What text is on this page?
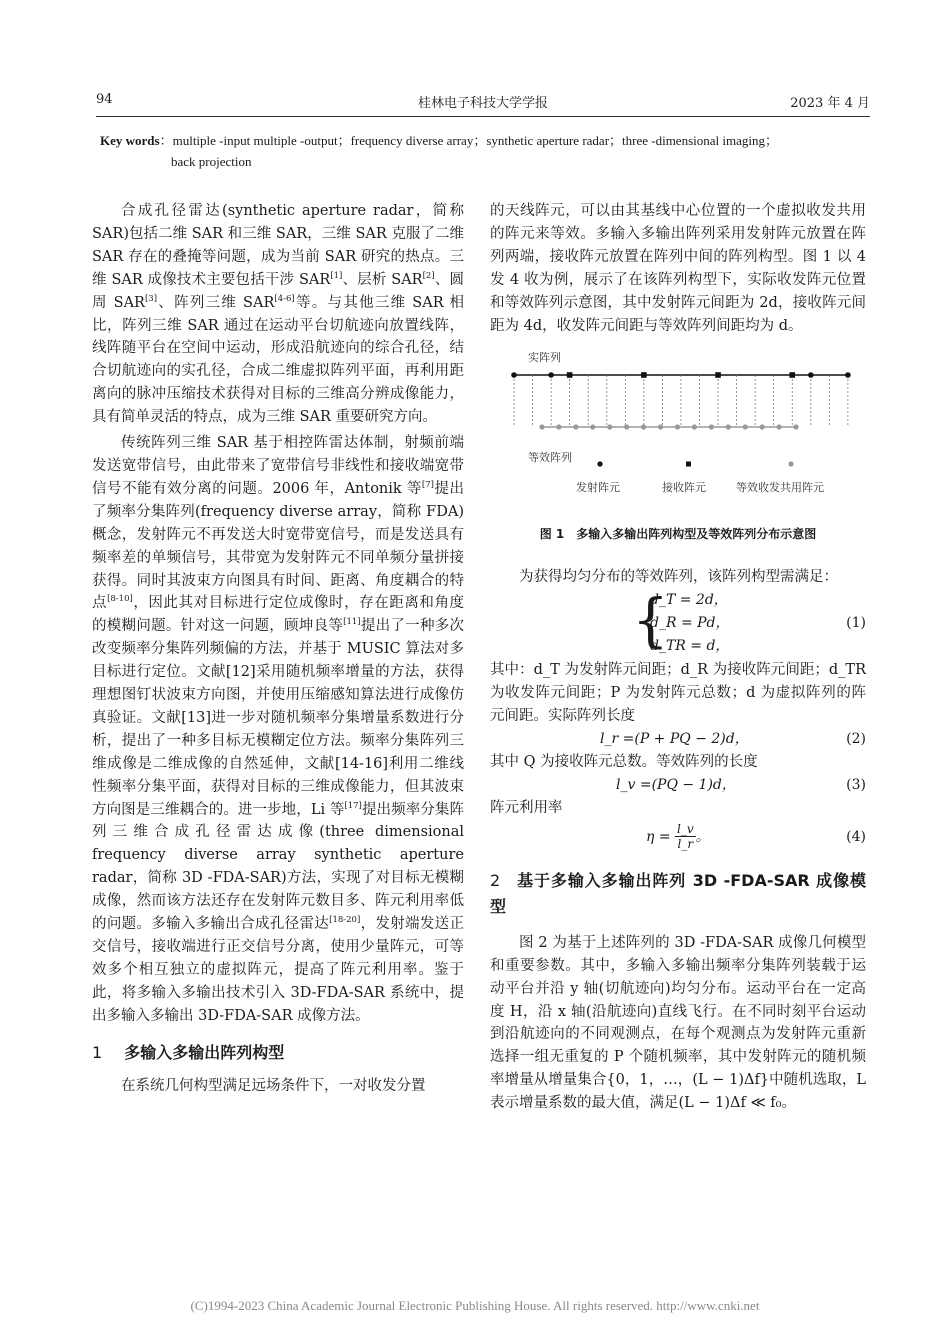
94	桂林电子科技大学学报	2023 年 4 月
Key words：multiple -input multiple -output；frequency diverse array；synthetic aperture radar；three -dimensional imaging；
back projection

合成孔径雷达(synthetic aperture radar，简称SAR)包括二维 SAR 和三维 SAR，三维 SAR 克服了二维 SAR 存在的叠掩等问题，成为当前 SAR 研究的热点。三维 SAR 成像技术主要包括干涉 SAR[1]、层析 SAR[2]、圆周 SAR[3]、阵列三维 SAR[4-6]等。与其他三维 SAR 相比，阵列三维 SAR 通过在运动平台切航迹向放置线阵，线阵随平台在空间中运动，形成沿航迹向的综合孔径，结合切航迹向的实孔径，合成二维虚拟阵列平面，再利用距离向的脉冲压缩技术获得对目标的三维高分辨成像能力，具有简单灵活的特点，成为三维 SAR 重要研究方向。

传统阵列三维 SAR 基于相控阵雷达体制，射频前端发送宽带信号，由此带来了宽带信号非线性和接收端宽带信号不能有效分离的问题。2006 年，Antonik 等[7]提出了频率分集阵列(frequency diverse array，简称 FDA)概念，发射阵元不再发送大时宽带宽信号，而是发送具有频率差的单频信号，其带宽为发射阵元不同单频分量拼接获得。同时其波束方向图具有时间、距离、角度耦合的特点[8-10]，因此其对目标进行定位成像时，存在距离和角度的模糊问题。针对这一问题，顾坤良等[11]提出了一种多次改变频率分集阵列频偏的方法，并基于 MUSIC 算法对多目标进行定位。文献[12]采用随机频率增量的方法，获得理想图钉状波束方向图，并使用压缩感知算法进行成像仿真验证。文献[13]进一步对随机频率分集增量系数进行分析，提出了一种多目标无模糊定位方法。频率分集阵列三维成像是二维成像的自然延伸，文献[14-16]利用二维线性频率分集平面，获得对目标的三维成像能力，但其波束方向图是三维耦合的。进一步地，Li 等[17]提出频率分集阵列三维合成孔径雷达成像(three dimensional frequency diverse array synthetic aperture radar，简称 3D -FDA-SAR)方法，实现了对目标无模糊成像，然而该方法还存在发射阵元数目多、阵元利用率低的问题。多输入多输出合成孔径雷达[18-20]，发射端发送正交信号，接收端进行正交信号分离，使用少量阵元，可等效多个相互独立的虚拟阵元，提高了阵元利用率。鉴于此，将多输入多输出技术引入 3D-FDA-SAR 系统中，提出多输入多输出 3D-FDA-SAR 成像方法。

1 多输入多输出阵列构型

在系统几何构型满足远场条件下，一对收发分置

的天线阵元，可以由其基线中心位置的一个虚拟收发共用的阵元来等效。多输入多输出阵列采用发射阵元放置在阵列两端，接收阵元放置在阵列中间的阵列构型。图 1 以 4 发 4 收为例，展示了在该阵列构型下，实际收发阵元位置和等效阵列示意图，其中发射阵元间距为 2d，接收阵元间距为 4d，收发阵元间距与等效阵列间距均为 d。

实阵列
等效阵列
发射阵元	接收阵元	等效收发共用阵元
图 1　多输入多输出阵列构型及等效阵列分布示意图

为获得均匀分布的等效阵列，该阵列构型需满足：

{
d_T = 2d，
d_R = Pd，
d_TR = d，
(1)

其中：d_T 为发射阵元间距；d_R 为接收阵元间距；d_TR 为收发阵元间距；P 为发射阵元总数；d 为虚拟阵列的阵元间距。实际阵列长度

l_r =(P + PQ − 2)d，	(2)

其中 Q 为接收阵元总数。等效阵列的长度

l_v =(PQ − 1)d，	(3)

阵元利用率

$\eta = \frac{l\_v}{l\_r}$ 。	(4)
2 基于多输入多输出阵列 3D -FDA-SAR 成像模型

图 2 为基于上述阵列的 3D -FDA-SAR 成像几何模型和重要参数。其中，多输入多输出频率分集阵列装载于运动平台并沿 y 轴(切航迹向)均匀分布。运动平台在一定高度 H，沿 x 轴(沿航迹向)直线飞行。在不同时刻平台运动到沿航迹向的不同观测点，在每个观测点为发射阵元重新选择一组无重复的 P 个随机频率，其中发射阵元的随机频率增量从增量集合{0，1，…，(L − 1)Δf}中随机选取，L 表示增量系数的最大值，满足(L − 1)Δf ≪ f₀。

(C)1994-2023 China Academic Journal Electronic Publishing House. All rights reserved. http://www.cnki.net
